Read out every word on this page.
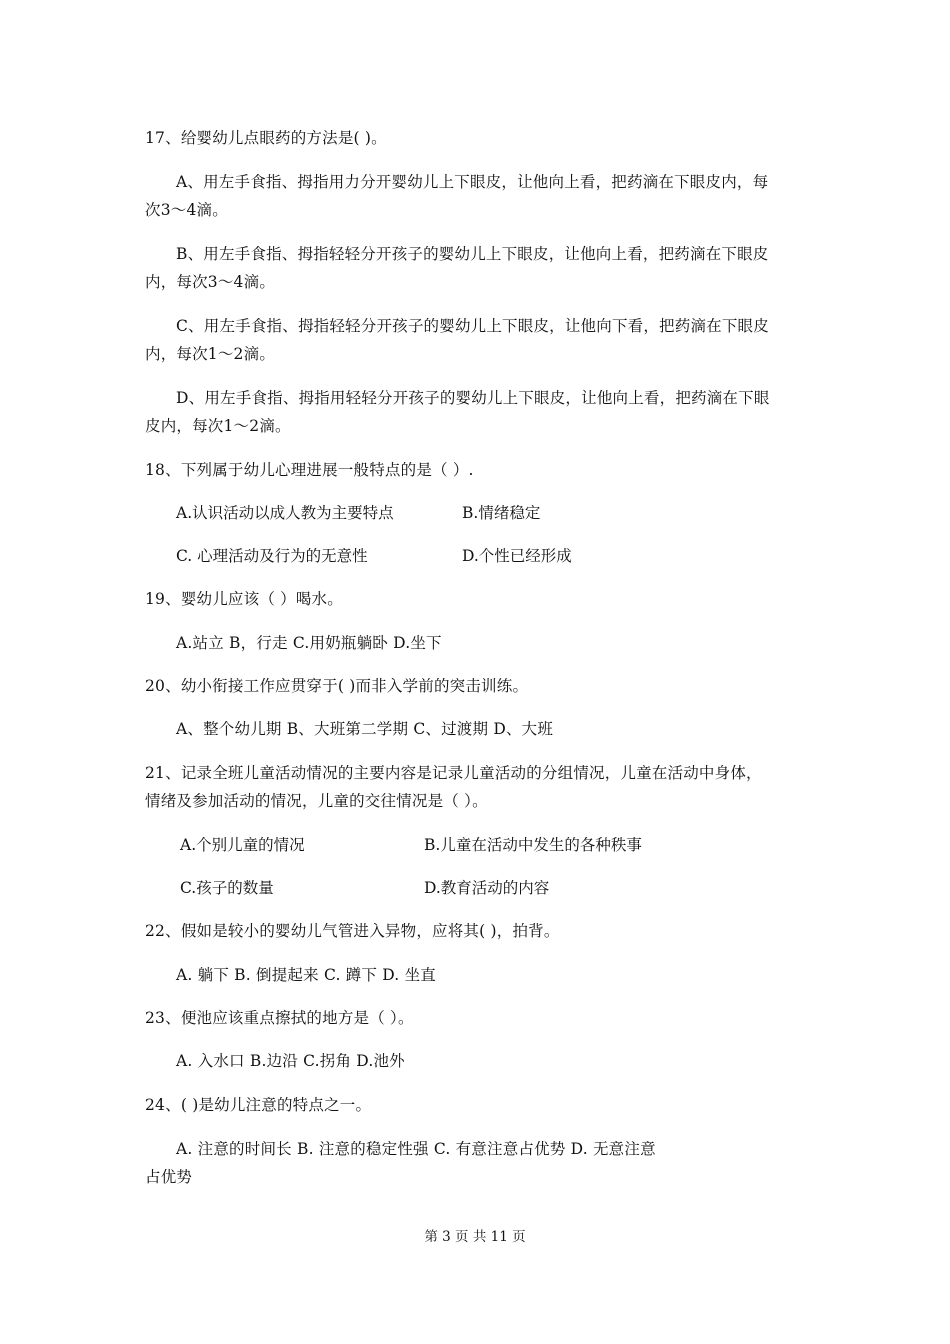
17、给婴幼儿点眼药的方法是( )。
A、用左手食指、拇指用力分开婴幼儿上下眼皮，让他向上看，把药滴在下眼皮内，每
次3～4滴。
B、用左手食指、拇指轻轻分开孩子的婴幼儿上下眼皮，让他向上看，把药滴在下眼皮
内，每次3～4滴。
C、用左手食指、拇指轻轻分开孩子的婴幼儿上下眼皮，让他向下看，把药滴在下眼皮
内，每次1～2滴。
D、用左手食指、拇指用轻轻分开孩子的婴幼儿上下眼皮，让他向上看，把药滴在下眼
皮内，每次1～2滴。
18、下列属于幼儿心理进展一般特点的是（ ）.
A.认识活动以成人教为主要特点	B.情绪稳定
C. 心理活动及行为的无意性	D.个性已经形成
19、婴幼儿应该（ ）喝水。
A.站立 B，行走 C.用奶瓶躺卧 D.坐下
20、幼小衔接工作应贯穿于( )而非入学前的突击训练。
A、整个幼儿期 B、大班第二学期 C、过渡期 D、大班
21、记录全班儿童活动情况的主要内容是记录儿童活动的分组情况，儿童在活动中身体，
情绪及参加活动的情况，儿童的交往情况是（ ）。
A.个别儿童的情况	B.儿童在活动中发生的各种秩事
C.孩子的数量	D.教育活动的内容
22、假如是较小的婴幼儿气管进入异物，应将其( )，拍背。
A. 躺下 B. 倒提起来 C. 蹲下 D. 坐直
23、便池应该重点擦拭的地方是（ ）。
A. 入水口 B.边沿 C.拐角 D.池外
24、( )是幼儿注意的特点之一。
A. 注意的时间长 B. 注意的稳定性强 C. 有意注意占优势 D. 无意注意
占优势
第 3 页 共 11 页
